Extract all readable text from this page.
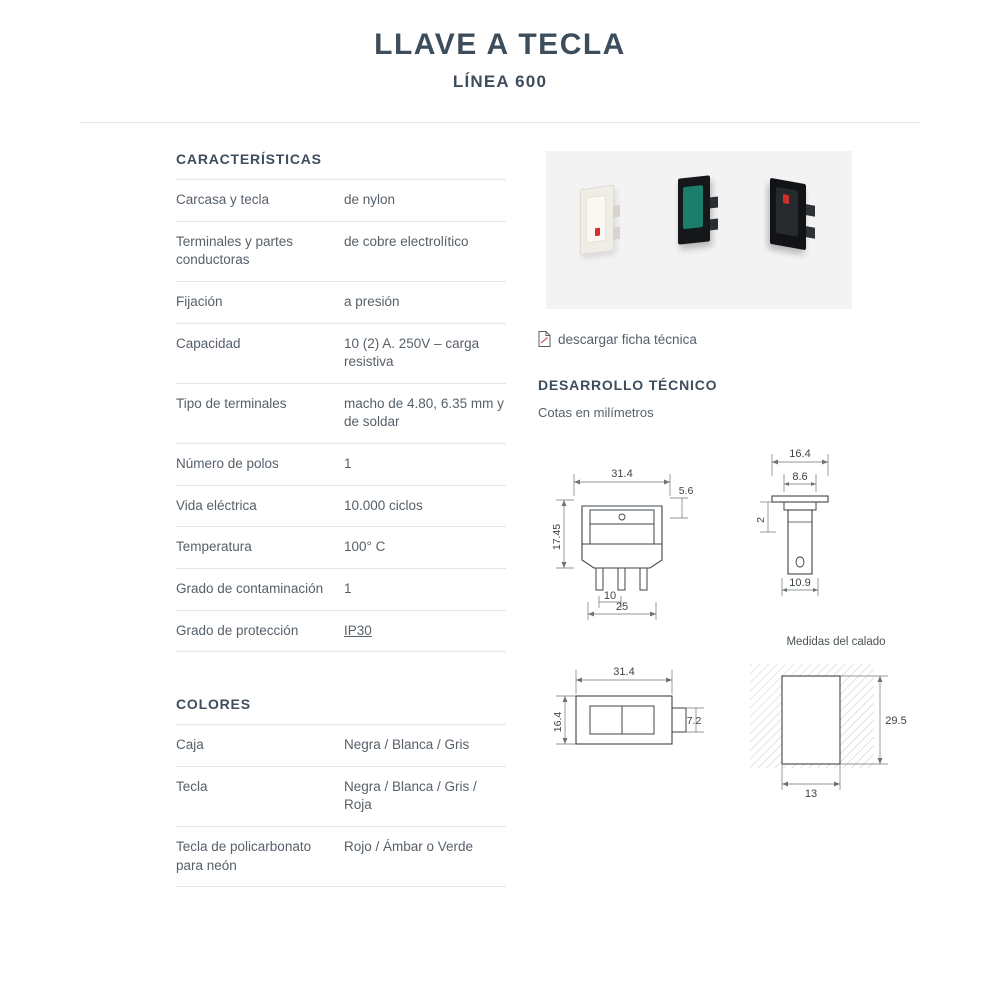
LLAVE A TECLA
LÍNEA 600
CARACTERÍSTICAS
Carcasa y tecla	de nylon
Terminales y partes conductoras	de cobre electrolítico
Fijación	a presión
Capacidad	10 (2) A. 250V – carga resistiva
Tipo de terminales	macho de 4.80, 6.35 mm y de soldar
Número de polos	1
Vida eléctrica	10.000 ciclos
Temperatura	100° C
Grado de contaminación	1
Grado de protección	IP30
COLORES
Caja	Negra / Blanca / Gris
Tecla	Negra / Blanca / Gris / Roja
Tecla de policarbonato para neón	Rojo / Ámbar o Verde
descargar ficha técnica
DESARROLLO TÉCNICO
Cotas en milímetros
31.4
17.45
5.6
10
25
16.4
8.6
2
10.9
31.4
16.4	7.2
Medidas del calado
29.5
13
